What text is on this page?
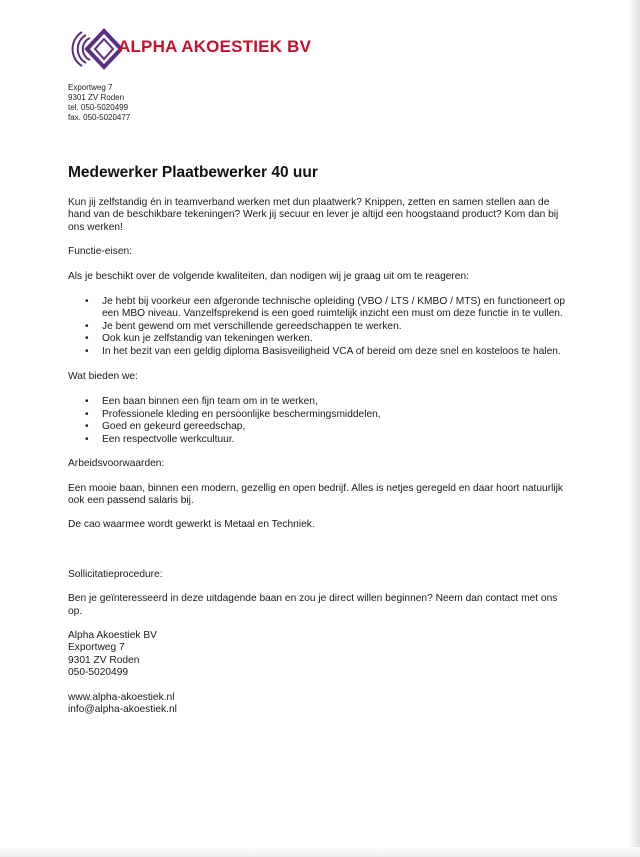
ALPHA AKOESTIEK BV
Exportweg 7
9301 ZV Roden
tel. 050-5020499
fax. 050-5020477
Medewerker Plaatbewerker 40 uur

Kun jij zelfstandig én in teamverband werken met dun plaatwerk? Knippen, zetten en samen stellen aan de hand van de beschikbare tekeningen? Werk jij secuur en lever je altijd een hoogstaand product? Kom dan bij ons werken!

Functie-eisen:

Als je beschikt over de volgende kwaliteiten, dan nodigen wij je graag uit om te reageren:

• Je hebt bij voorkeur een afgeronde technische opleiding (VBO / LTS / KMBO / MTS) en functioneert op een MBO niveau. Vanzelfsprekend is een goed ruimtelijk inzicht een must om deze functie in te vullen.
• Je bent gewend om met verschillende gereedschappen te werken.
• Ook kun je zelfstandig van tekeningen werken.
• In het bezit van een geldig diploma Basisveiligheid VCA of bereid om deze snel en kosteloos te halen.

Wat bieden we:

• Een baan binnen een fijn team om in te werken,
• Professionele kleding en persoonlijke beschermingsmiddelen,
• Goed en gekeurd gereedschap,
• Een respectvolle werkcultuur.

Arbeidsvoorwaarden:

Een mooie baan, binnen een modern, gezellig en open bedrijf. Alles is netjes geregeld en daar hoort natuurlijk ook een passend salaris bij.

De cao waarmee wordt gewerkt is Metaal en Techniek.

Sollicitatieprocedure:

Ben je geïnteresseerd in deze uitdagende baan en zou je direct willen beginnen? Neem dan contact met ons op.

Alpha Akoestiek BV

Exportweg 7

9301 ZV Roden

050-5020499

www.alpha-akoestiek.nl

info@alpha-akoestiek.nl
